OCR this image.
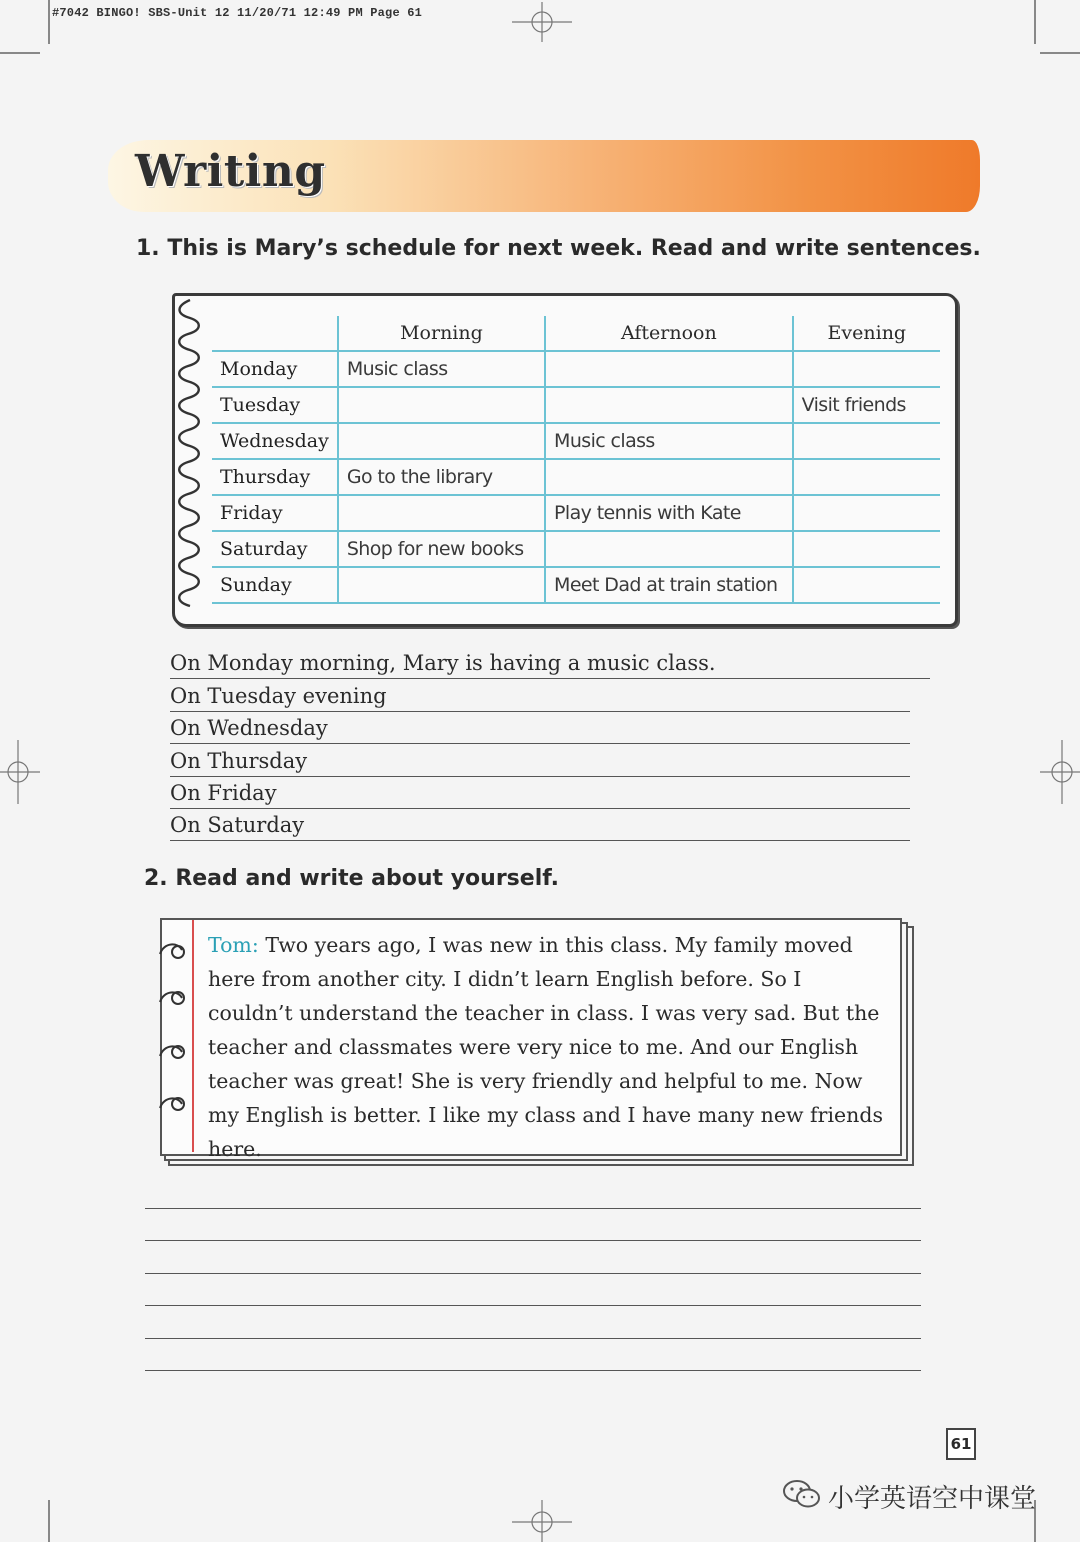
#7042 BINGO! SBS-Unit 12 11/20/71 12:49 PM Page 61
Writing
1. This is Mary’s schedule for next week. Read and write sentences.
	Morning	Afternoon	Evening
Monday	Music class		
Tuesday			Visit friends
Wednesday		Music class	
Thursday	Go to the library		
Friday		Play tennis with Kate	
Saturday	Shop for new books		
Sunday		Meet Dad at train station	
On Monday morning, Mary is having a music class.
On Tuesday evening
On Wednesday
On Thursday
On Friday
On Saturday
2. Read and write about yourself.
Tom: Two years ago, I was new in this class. My family moved here from another city. I didn’t learn English before. So I couldn’t understand the teacher in class. I was very sad. But the teacher and classmates were very nice to me. And our English teacher was great! She is very friendly and helpful to me. Now my English is better. I like my class and I have many new friends here.
61
小学英语空中课堂
